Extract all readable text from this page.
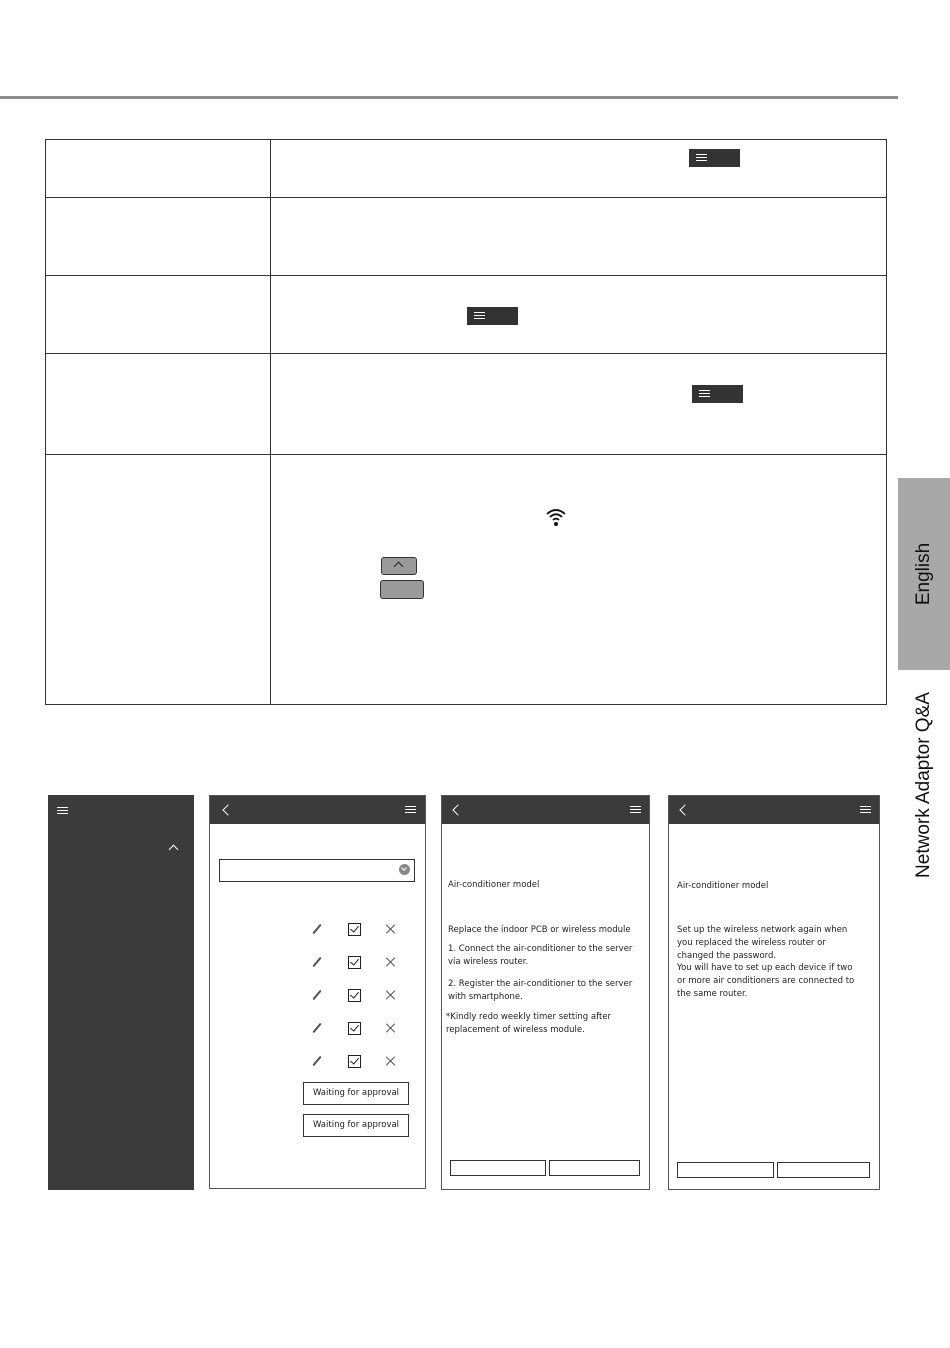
English
Network Adaptor Q&A
Waiting for approval
Waiting for approval
Air-conditioner model
Replace the indoor PCB or wireless module
1. Connect the air-conditioner to the server via wireless router.
2. Register the air-conditioner to the server with smartphone.
*Kindly redo weekly timer setting after replacement of wireless module.
Air-conditioner model
Set up the wireless network again when you replaced the wireless router or changed the password.
You will have to set up each device if two or more air conditioners are connected to the same router.
